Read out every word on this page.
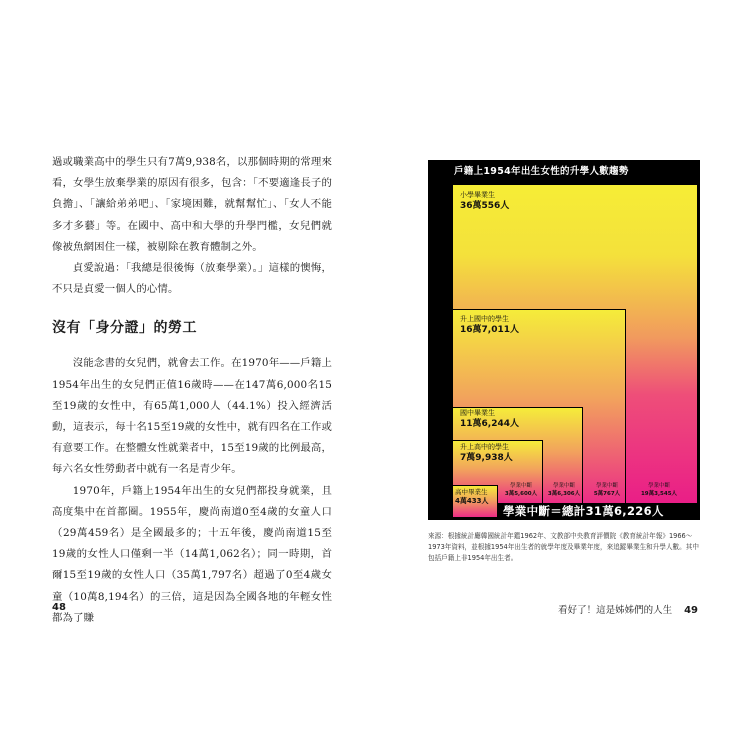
過或職業高中的學生只有7萬9,938名，以那個時期的常理來看，女學生放棄學業的原因有很多，包含：「不要適逢長子的負擔」、「讓給弟弟吧」、「家境困難，就幫幫忙」、「女人不能多才多藝」等。在國中、高中和大學的升學門檻，女兒們就像被魚網困住一樣，被剔除在教育體制之外。

貞愛說過：「我總是很後悔（放棄學業）。」這樣的懊悔，不只是貞愛一個人的心情。

沒有「身分證」的勞工

沒能念書的女兒們，就會去工作。在1970年——戶籍上1954年出生的女兒們正值16歲時——在147萬6,000名15至19歲的女性中，有65萬1,000人（44.1%）投入經濟活動，這表示，每十名15至19歲的女性中，就有四名在工作或有意要工作。在整體女性就業者中，15至19歲的比例最高，每六名女性勞動者中就有一名是青少年。

1970年，戶籍上1954年出生的女兒們都投身就業，且高度集中在首都圈。1955年，慶尚南道0至4歲的女童人口（29萬459名）是全國最多的；十五年後，慶尚南道15至19歲的女性人口僅剩一半（14萬1,062名）；同一時期，首爾15至19歲的女性人口（35萬1,797名）超過了0至4歲女童（10萬8,194名）的三倍，這是因為全國各地的年輕女性都為了賺

48
戶籍上1954年出生女性的升學人數趨勢
小學畢業生
36萬556人
升上國中的學生
16萬7,011人
國中畢業生
11萬6,244人
升上高中的學生
7萬9,938人
高中畢業生
4萬433人
學業中斷
3萬5,600人
學業中斷
3萬6,306人
學業中斷
5萬767人
學業中斷
19萬3,545人
學業中斷＝總計31萬6,226人
來源：根據統計廳韓國統計年鑑1962年、文教部中央教育評價院《教育統計年報》1966～1973年資料，並根據1954年出生者的就學年度及畢業年度，來追蹤畢業生和升學人數。其中包括戶籍上非1954年出生者。
看好了！這是姊姊們的人生 49
